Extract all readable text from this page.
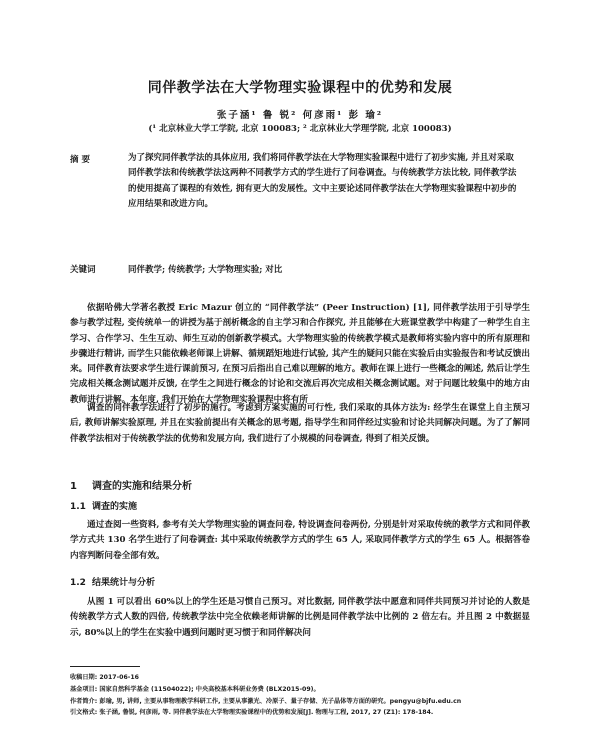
同伴教学法在大学物理实验课程中的优势和发展
张子涵¹ 鲁 锐² 何彦雨¹ 彭 瑜²
(¹ 北京林业大学工学院, 北京 100083; ² 北京林业大学理学院, 北京 100083)
摘 要	为了探究同伴教学法的具体应用, 我们将同伴教学法在大学物理实验课程中进行了初步实施, 并且对采取同伴教学法和传统教学法这两种不同教学方式的学生进行了问卷调查。与传统教学方法比较, 同伴教学法的使用提高了课程的有效性, 拥有更大的发展性。文中主要论述同伴教学法在大学物理实验课程中初步的应用结果和改进方向。
关键词	同伴教学; 传统教学; 大学物理实验; 对比

依据哈佛大学著名教授 Eric Mazur 创立的 “同伴教学法” (Peer Instruction) [1], 同伴教学法用于引导学生参与教学过程, 变传统单一的讲授为基于剖析概念的自主学习和合作探究, 并且能够在大班课堂教学中构建了一种学生自主学习、合作学习、生生互动、师生互动的创新教学模式。大学物理实验的传统教学模式是教师将实验内容中的所有原理和步骤进行精讲, 而学生只能依赖老师课上讲解、循规蹈矩地进行试验, 其产生的疑问只能在实验后由实验报告和考试反馈出来。同伴教育法要求学生进行课前预习, 在预习后指出自己难以理解的地方。教师在课上进行一些概念的阐述, 然后让学生完成相关概念测试题并反馈, 在学生之间进行概念的讨论和交流后再次完成相关概念测试题。对于问题比较集中的地方由教师进行讲解。本年度, 我们开始在大学物理实验课程中将有所

调查的同伴教学法进行了初步的施行。考虑到方案实施的可行性, 我们采取的具体方法为: 经学生在课堂上自主预习后, 教师讲解实验原理, 并且在实验前提出有关概念的思考题, 指导学生和同伴经过实验和讨论共同解决问题。为了了解同伴教学法相对于传统教学法的优势和发展方向, 我们进行了小规模的问卷调查, 得到了相关反馈。

1 调查的实施和结果分析
1.1 调查的实施

通过查阅一些资料, 参考有关大学物理实验的调查问卷, 特设调查问卷两份, 分别是针对采取传统的教学方式和同伴教学方式共 130 名学生进行了问卷调查: 其中采取传统教学方式的学生 65 人, 采取同伴教学方式的学生 65 人。根据答卷内容判断问卷全部有效。

1.2 结果统计与分析

从图 1 可以看出 60%以上的学生还是习惯自己预习。对比数据, 同伴教学法中愿意和同伴共同预习并讨论的人数是传统教学方式人数的四倍, 传统教学法中完全依赖老师讲解的比例是同伴教学法中比例的 2 倍左右。并且图 2 中数据显示, 80%以上的学生在实验中遇到问题时更习惯于和同伴解决问

收稿日期: 2017-06-16
基金项目: 国家自然科学基金 (11504022); 中央高校基本科研业务费 (BLX2015-09)。
作者简介: 彭瑜, 男, 讲师, 主要从事物理教学科研工作, 主要从事激光、冷原子、量子存储、光子晶体等方面的研究。pengyu@bjfu.edu.cn
引文格式: 张子涵, 鲁锐, 何彦雨, 等. 同伴教学法在大学物理实验课程中的优势和发展[J]. 物理与工程, 2017, 27 (Z1): 178-184.
